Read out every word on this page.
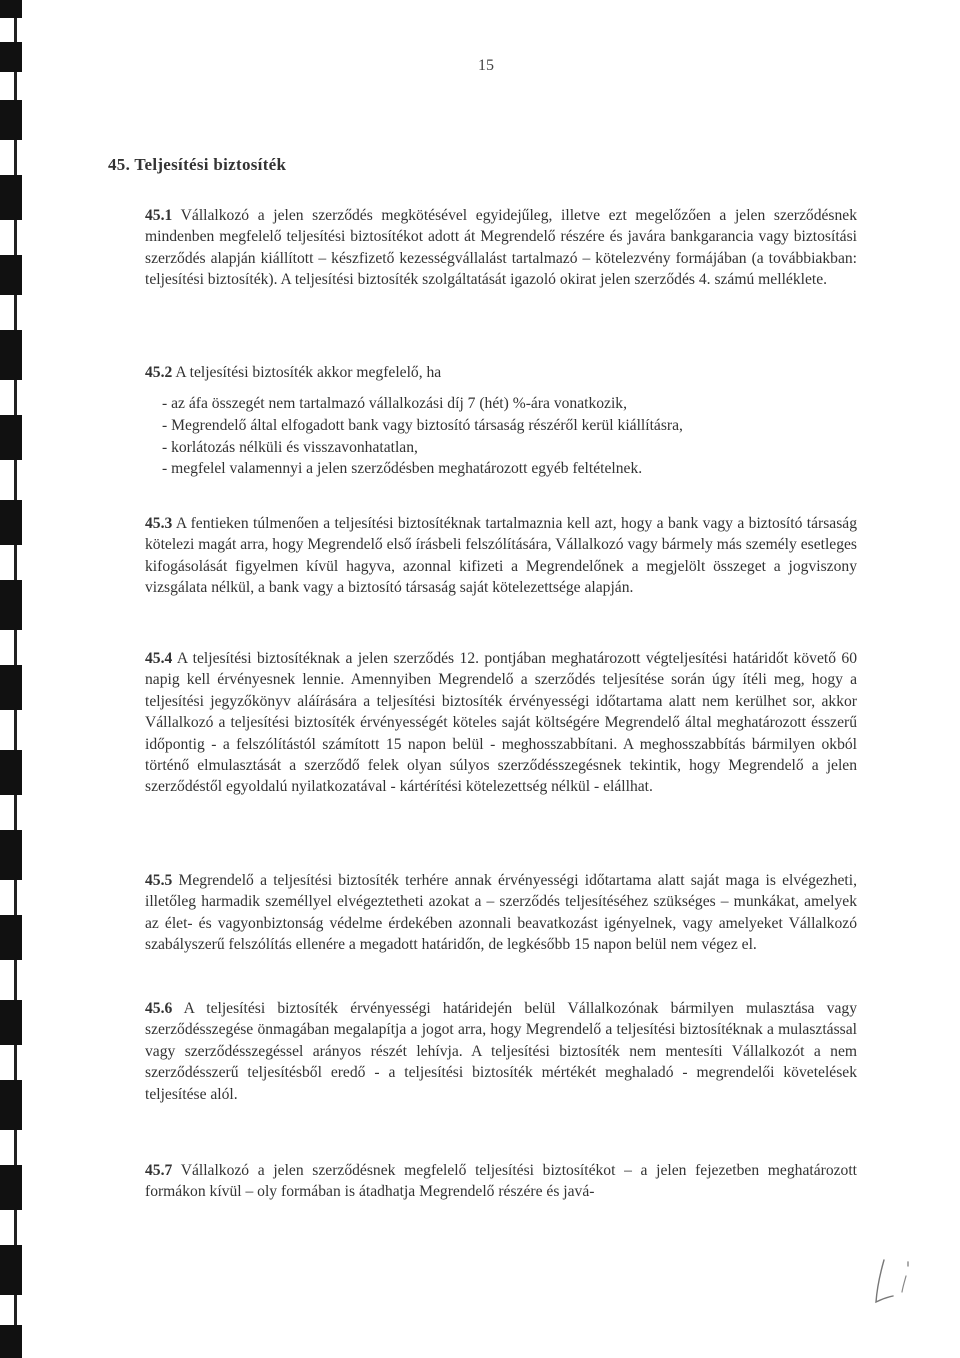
15
45. Teljesítési biztosíték

45.1 Vállalkozó a jelen szerződés megkötésével egyidejűleg, illetve ezt megelőzően a jelen szerződésnek mindenben megfelelő teljesítési biztosítékot adott át Megrendelő részére és javára bankgarancia vagy biztosítási szerződés alapján kiállított – készfizető kezességvállalást tartalmazó – kötelezvény formájában (a továbbiakban: teljesítési biztosíték). A teljesítési biztosíték szolgáltatását igazoló okirat jelen szerződés 4. számú melléklete.

45.2 A teljesítési biztosíték akkor megfelelő, ha

- az áfa összegét nem tartalmazó vállalkozási díj 7 (hét) %-ára vonatkozik,
- Megrendelő által elfogadott bank vagy biztosító társaság részéről kerül kiállításra,
- korlátozás nélküli és visszavonhatatlan,
- megfelel valamennyi a jelen szerződésben meghatározott egyéb feltételnek.

45.3 A fentieken túlmenően a teljesítési biztosítéknak tartalmaznia kell azt, hogy a bank vagy a biztosító társaság kötelezi magát arra, hogy Megrendelő első írásbeli felszólítására, Vállalkozó vagy bármely más személy esetleges kifogásolását figyelmen kívül hagyva, azonnal kifizeti a Megrendelőnek a megjelölt összeget a jogviszony vizsgálata nélkül, a bank vagy a biztosító társaság saját kötelezettsége alapján.

45.4 A teljesítési biztosítéknak a jelen szerződés 12. pontjában meghatározott végteljesítési határidőt követő 60 napig kell érvényesnek lennie. Amennyiben Megrendelő a szerződés teljesítése során úgy ítéli meg, hogy a teljesítési jegyzőkönyv aláírására a teljesítési biztosíték érvényességi időtartama alatt nem kerülhet sor, akkor Vállalkozó a teljesítési biztosíték érvényességét köteles saját költségére Megrendelő által meghatározott ésszerű időpontig - a felszólítástól számított 15 napon belül - meghosszabbítani. A meghosszabbítás bármilyen okból történő elmulasztását a szerződő felek olyan súlyos szerződésszegésnek tekintik, hogy Megrendelő a jelen szerződéstől egyoldalú nyilatkozatával - kártérítési kötelezettség nélkül - elállhat.

45.5 Megrendelő a teljesítési biztosíték terhére annak érvényességi időtartama alatt saját maga is elvégezheti, illetőleg harmadik személlyel elvégeztetheti azokat a – szerződés teljesítéséhez szükséges – munkákat, amelyek az élet- és vagyonbiztonság védelme érdekében azonnali beavatkozást igényelnek, vagy amelyeket Vállalkozó szabályszerű felszólítás ellenére a megadott határidőn, de legkésőbb 15 napon belül nem végez el.

45.6 A teljesítési biztosíték érvényességi határidején belül Vállalkozónak bármilyen mulasztása vagy szerződésszegése önmagában megalapítja a jogot arra, hogy Megrendelő a teljesítési biztosítéknak a mulasztással vagy szerződésszegéssel arányos részét lehívja. A teljesítési biztosíték nem mentesíti Vállalkozót a nem szerződésszerű teljesítésből eredő - a teljesítési biztosíték mértékét meghaladó - megrendelői követelések teljesítése alól.

45.7 Vállalkozó a jelen szerződésnek megfelelő teljesítési biztosítékot – a jelen fejezetben meghatározott formákon kívül – oly formában is átadhatja Megrendelő részére és javá-
